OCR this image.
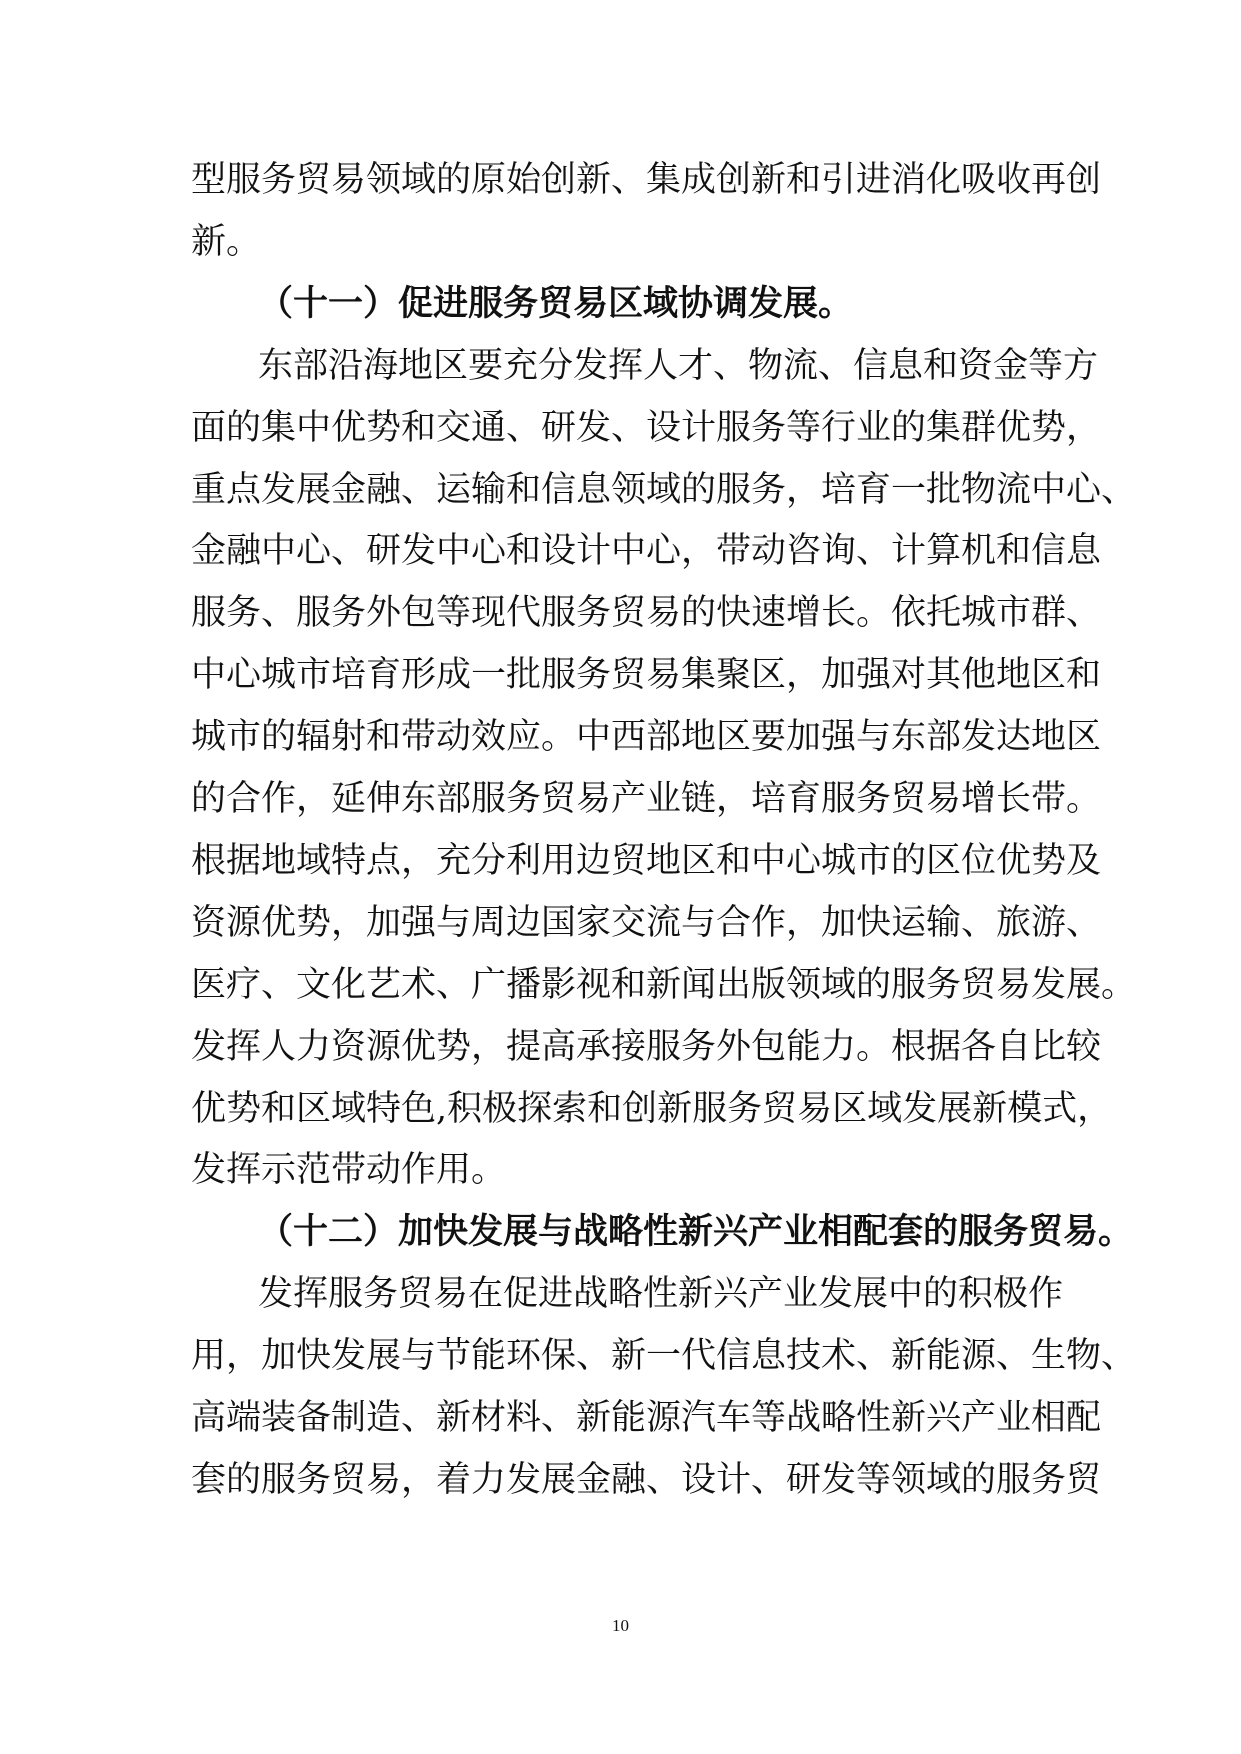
型服务贸易领域的原始创新、集成创新和引进消化吸收再创
新。
（十一）促进服务贸易区域协调发展。
东部沿海地区要充分发挥人才、物流、信息和资金等方
面的集中优势和交通、研发、设计服务等行业的集群优势，
重点发展金融、运输和信息领域的服务，培育一批物流中心、
金融中心、研发中心和设计中心，带动咨询、计算机和信息
服务、服务外包等现代服务贸易的快速增长。依托城市群、
中心城市培育形成一批服务贸易集聚区，加强对其他地区和
城市的辐射和带动效应。中西部地区要加强与东部发达地区
的合作，延伸东部服务贸易产业链，培育服务贸易增长带。
根据地域特点，充分利用边贸地区和中心城市的区位优势及
资源优势，加强与周边国家交流与合作，加快运输、旅游、
医疗、文化艺术、广播影视和新闻出版领域的服务贸易发展。
发挥人力资源优势，提高承接服务外包能力。根据各自比较
优势和区域特色,积极探索和创新服务贸易区域发展新模式，
发挥示范带动作用。
（十二）加快发展与战略性新兴产业相配套的服务贸易。
发挥服务贸易在促进战略性新兴产业发展中的积极作
用，加快发展与节能环保、新一代信息技术、新能源、生物、
高端装备制造、新材料、新能源汽车等战略性新兴产业相配
套的服务贸易，着力发展金融、设计、研发等领域的服务贸
10
